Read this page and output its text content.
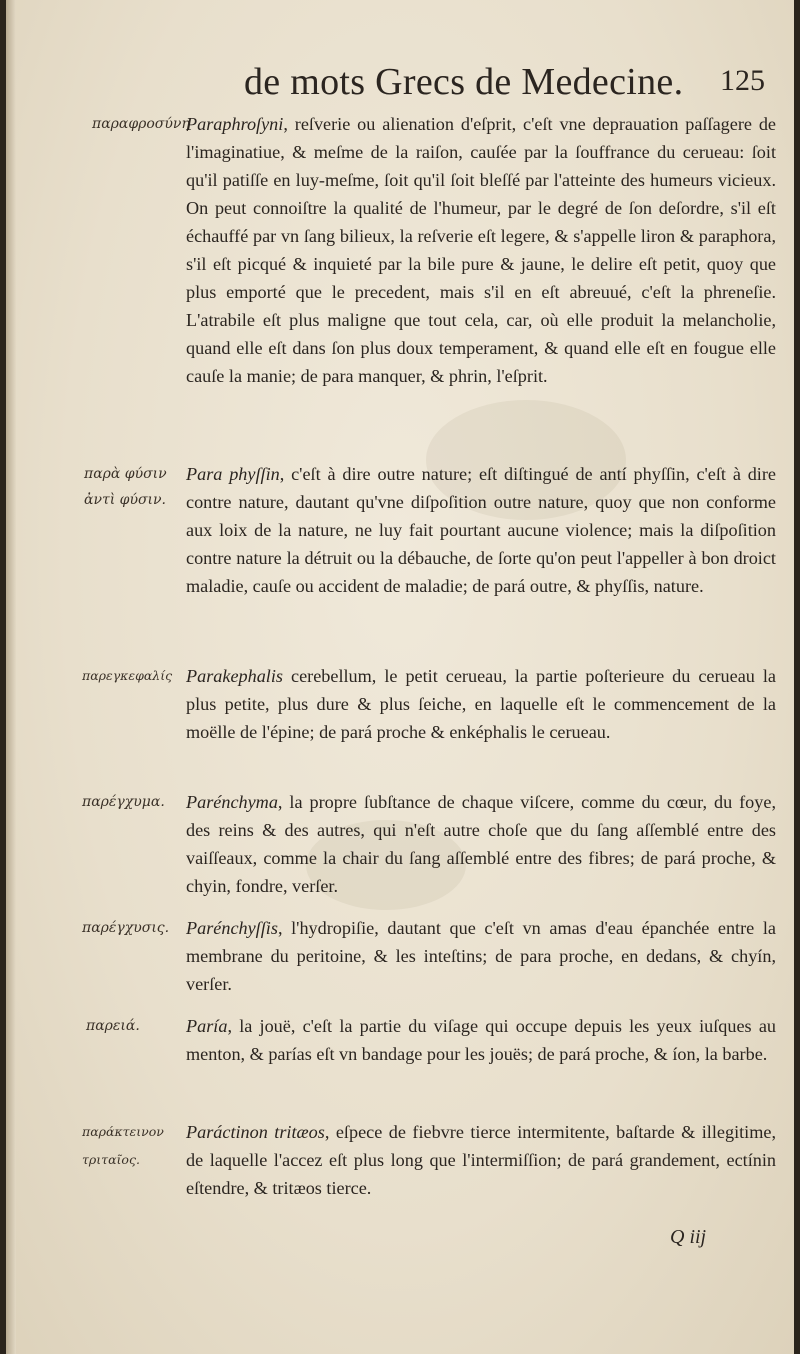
de mots Grecs de Medecine. 125
παραφροσύνη
Paraphroſyni, reſverie ou alienation d'eſprit, c'eſt vne deprauation paſſagere de l'imaginatiue, & meſme de la raiſon, cauſée par la ſouffrance du cerueau: ſoit qu'il patiſſe en luy-meſme, ſoit qu'il ſoit bleſſé par l'atteinte des humeurs vicieux. On peut connoiſtre la qualité de l'humeur, par le degré de ſon deſordre, s'il eſt échauffé par vn ſang bilieux, la reſverie eſt legere, & s'appelle liron & paraphora, s'il eſt picqué & inquieté par la bile pure & jaune, le delire eſt petit, quoy que plus emporté que le precedent, mais s'il en eſt abreuué, c'eſt la phreneſie. L'atrabile eſt plus maligne que tout cela, car, où elle produit la melancholie, quand elle eſt dans ſon plus doux temperament, & quand elle eſt en fougue elle cauſe la manie; de para manquer, & phrin, l'eſprit.
παρὰ φύσιν
ἀντὶ φύσιν.
Para phyſſin, c'eſt à dire outre nature; eſt diſtingué de antí phyſſin, c'eſt à dire contre nature, dautant qu'vne diſpoſition outre nature, quoy que non conforme aux loix de la nature, ne luy fait pourtant aucune violence; mais la diſpoſition contre nature la détruit ou la débauche, de ſorte qu'on peut l'appeller à bon droict maladie, cauſe ou accident de maladie; de pará outre, & phyſſis, nature.
παρεγκεφαλίς Parakephalis cerebellum, le petit cerueau, la partie poſterieure du cerueau la plus petite, plus dure & plus ſeiche, en laquelle eſt le commencement de la moëlle de l'épine; de pará proche & enképhalis le cerueau.
παρέγχυμα. Parénchyma, la propre ſubſtance de chaque viſcere, comme du cœur, du foye, des reins & des autres, qui n'eſt autre choſe que du ſang aſſemblé entre des vaiſſeaux, comme la chair du ſang aſſemblé entre des fibres; de pará proche, & chyin, fondre, verſer.
παρέγχυσις. Parénchyſſis, l'hydropiſie, dautant que c'eſt vn amas d'eau épanchée entre la membrane du peritoine, & les inteſtins; de para proche, en dedans, & chyín, verſer.
παρειά.	Paría, la jouë, c'eſt la partie du viſage qui occupe depuis les yeux iuſques au menton, & parías eſt vn bandage pour les jouës; de pará proche, & íon, la barbe.
παράκτεινον
τριταῖος.
Paráctinon tritæos, eſpece de fiebvre tierce intermitente, baſtarde & illegitime, de laquelle l'accez eſt plus long que l'intermiſſion; de pará grandement, ectínin eſtendre, & tritæos tierce.
Q iij
